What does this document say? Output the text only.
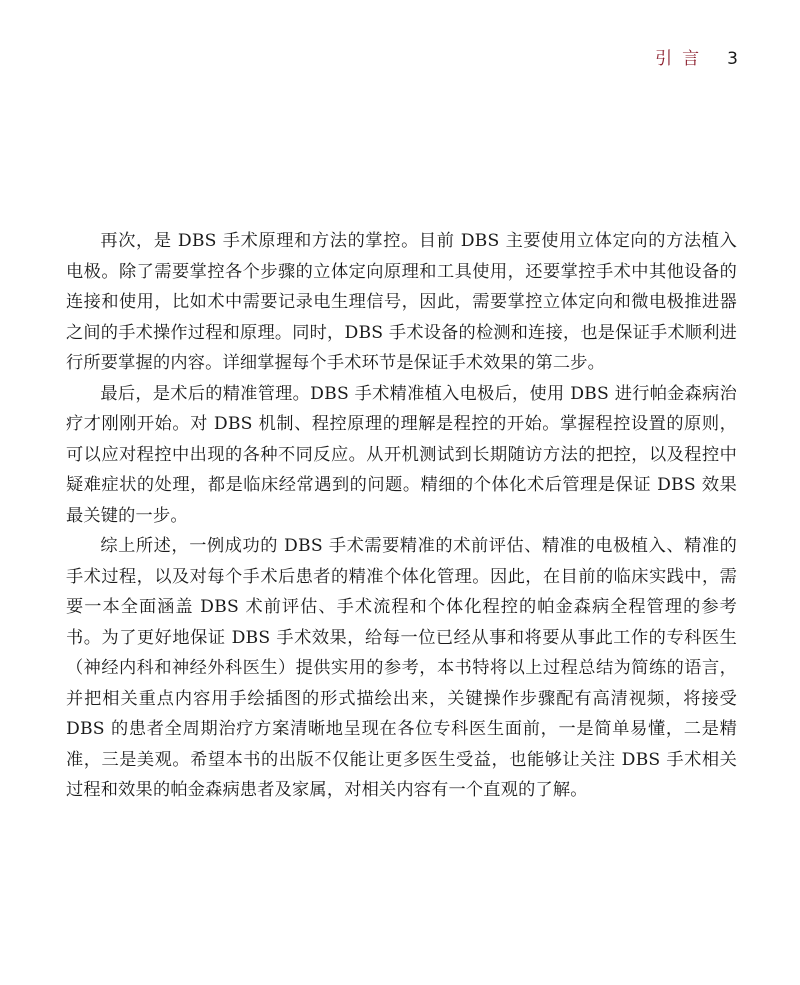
引言 3

再次，是 DBS 手术原理和方法的掌控。目前 DBS 主要使用立体定向的方法植入电极。除了需要掌控各个步骤的立体定向原理和工具使用，还要掌控手术中其他设备的连接和使用，比如术中需要记录电生理信号，因此，需要掌控立体定向和微电极推进器之间的手术操作过程和原理。同时，DBS 手术设备的检测和连接，也是保证手术顺利进行所要掌握的内容。详细掌握每个手术环节是保证手术效果的第二步。

最后，是术后的精准管理。DBS 手术精准植入电极后，使用 DBS 进行帕金森病治疗才刚刚开始。对 DBS 机制、程控原理的理解是程控的开始。掌握程控设置的原则，可以应对程控中出现的各种不同反应。从开机测试到长期随访方法的把控，以及程控中疑难症状的处理，都是临床经常遇到的问题。精细的个体化术后管理是保证 DBS 效果最关键的一步。

综上所述，一例成功的 DBS 手术需要精准的术前评估、精准的电极植入、精准的手术过程，以及对每个手术后患者的精准个体化管理。因此，在目前的临床实践中，需要一本全面涵盖 DBS 术前评估、手术流程和个体化程控的帕金森病全程管理的参考书。为了更好地保证 DBS 手术效果，给每一位已经从事和将要从事此工作的专科医生（神经内科和神经外科医生）提供实用的参考，本书特将以上过程总结为简练的语言，并把相关重点内容用手绘插图的形式描绘出来，关键操作步骤配有高清视频，将接受 DBS 的患者全周期治疗方案清晰地呈现在各位专科医生面前，一是简单易懂，二是精准，三是美观。希望本书的出版不仅能让更多医生受益，也能够让关注 DBS 手术相关过程和效果的帕金森病患者及家属，对相关内容有一个直观的了解。
